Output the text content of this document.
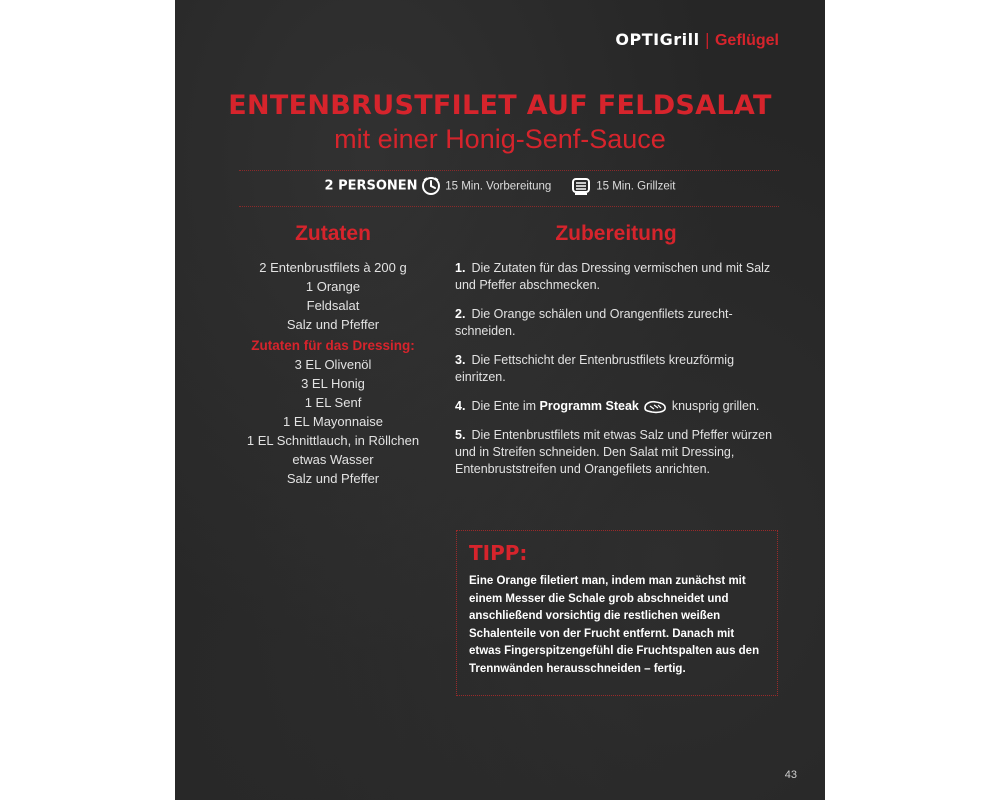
OPTIGrill | Geflügel
ENTENBRUSTFILET AUF FELDSALAT
mit einer Honig-Senf-Sauce
2 PERSONEN 15 Min. Vorbereitung	15 Min. Grillzeit
Zutaten	Zubereitung
2 Entenbrustfilets à 200 g
1 Orange
Feldsalat
Salz und Pfeffer
Zutaten für das Dressing:
3 EL Olivenöl
3 EL Honig
1 EL Senf
1 EL Mayonnaise
1 EL Schnittlauch, in Röllchen
etwas Wasser
Salz und Pfeffer
1. Die Zutaten für das Dressing vermischen und mit Salz und Pfeffer abschmecken.
2. Die Orange schälen und Orangenfilets zurecht-schneiden.
3. Die Fettschicht der Entenbrustfilets kreuzförmig einritzen.
4. Die Ente im Programm Steak	knusprig grillen.
5. Die Entenbrustfilets mit etwas Salz und Pfeffer würzen und in Streifen schneiden. Den Salat mit Dressing, Entenbruststreifen und Orangefilets anrichten.
TIPP:
Eine Orange filetiert man, indem man zunächst mit einem Messer die Schale grob abschneidet und anschließend vorsichtig die restlichen weißen Schalenteile von der Frucht entfernt. Danach mit etwas Fingerspitzengefühl die Fruchtspalten aus den Trennwänden herausschneiden – fertig.
43
